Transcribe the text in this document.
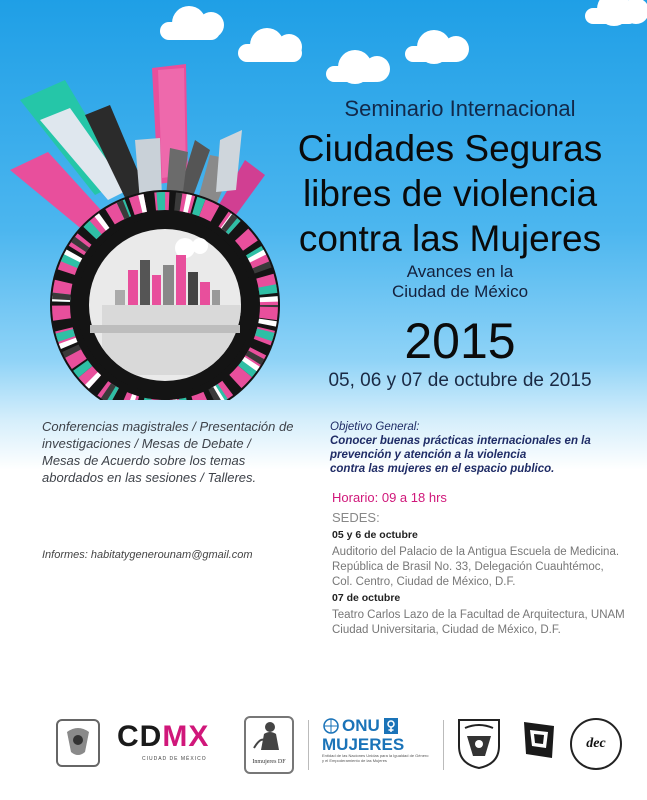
Seminario Internacional
Ciudades Seguras
libres de violencia
contra las Mujeres
Avances en la
Ciudad de México
2015
05, 06 y 07 de octubre de 2015
Conferencias magistrales / Presentación de
investigaciones / Mesas de Debate /
Mesas de Acuerdo sobre los temas
abordados en las sesiones / Talleres.
Informes: habitatygenerounam@gmail.com
Objetivo General:
Conocer buenas prácticas internacionales en la
prevención y atención a la violencia
contra las mujeres en el espacio publico.
Horario: 09 a 18 hrs
SEDES:
05 y 6 de octubre
Auditorio del Palacio de la Antigua Escuela de Medicina.
República de Brasil No. 33, Delegación Cuauhtémoc,
Col. Centro, Ciudad de México, D.F.
07 de octubre
Teatro Carlos Lazo de la Facultad de Arquitectura, UNAM
Ciudad Universitaria, Ciudad de México, D.F.
CDMX
CIUDAD DE MÉXICO	Inmujeres DF
ONU
MUJERES
Entidad de las Naciones Unidas para la Igualdad de Género y el Empoderamiento de las Mujeres
dec
